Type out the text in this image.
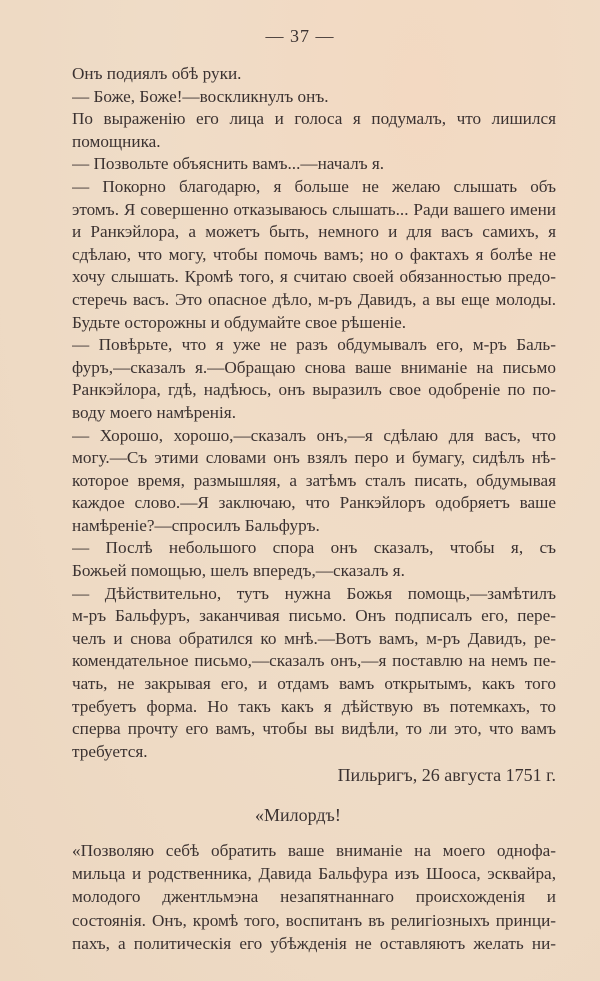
— 37 —
Онъ подиялъ обѣ руки.
— Боже, Боже!—воскликнулъ онъ.
По выраженію его лица и голоса я подумалъ, что лишился
помощника.
— Позвольте объяснить вамъ...—началъ я.
— Покорно благодарю, я больше не желаю слышать объ
этомъ. Я совершенно отказываюсь слышать... Ради вашего имени
и Ранкэйлора, а можетъ быть, немного и для васъ самихъ, я
сдѣлаю, что могу, чтобы помочь вамъ; но о фактахъ я болѣе не
хочу слышать. Кромѣ того, я считаю своей обязанностью предо-
стеречь васъ. Это опасное дѣло, м-ръ Давидъ, а вы еще молоды.
Будьте осторожны и обдумайте свое рѣшеніе.
— Повѣрьте, что я уже не разъ обдумывалъ его, м-ръ Баль-
фуръ,—сказалъ я.—Обращаю снова ваше вниманіе на письмо
Ранкэйлора, гдѣ, надѣюсь, онъ выразилъ свое одобреніе по по-
воду моего намѣренія.
— Хорошо, хорошо,—сказалъ онъ,—я сдѣлаю для васъ, что
могу.—Съ этими словами онъ взялъ перо и бумагу, сидѣлъ нѣ-
которое время, размышляя, а затѣмъ сталъ писать, обдумывая
каждое слово.—Я заключаю, что Ранкэйлоръ одобряетъ ваше
намѣреніе?—спросилъ Бальфуръ.
— Послѣ небольшого спора онъ сказалъ, чтобы я, съ
Божьей помощью, шелъ впередъ,—сказалъ я.
— Дѣйствительно, тутъ нужна Божья помощь,—замѣтилъ
м-ръ Бальфуръ, заканчивая письмо. Онъ подписалъ его, пере-
челъ и снова обратился ко мнѣ.—Вотъ вамъ, м-ръ Давидъ, ре-
комендательное письмо,—сказалъ онъ,—я поставлю на немъ пе-
чать, не закрывая его, и отдамъ вамъ открытымъ, какъ того
требуетъ форма. Но такъ какъ я дѣйствую въ потемкахъ, то
сперва прочту его вамъ, чтобы вы видѣли, то ли это, что вамъ
требуется.
Пильригъ, 26 августа 1751 г.
«Милордъ!
«Позволяю себѣ обратить ваше вниманіе на моего однофа-
мильца и родственника, Давида Бальфура изъ Шооса, эсквайра,
молодого джентльмэна незапятнаннаго происхожденія и
состоянія. Онъ, кромѣ того, воспитанъ въ религіозныхъ принци-
пахъ, а политическія его убѣжденія не оставляютъ желать ни-
